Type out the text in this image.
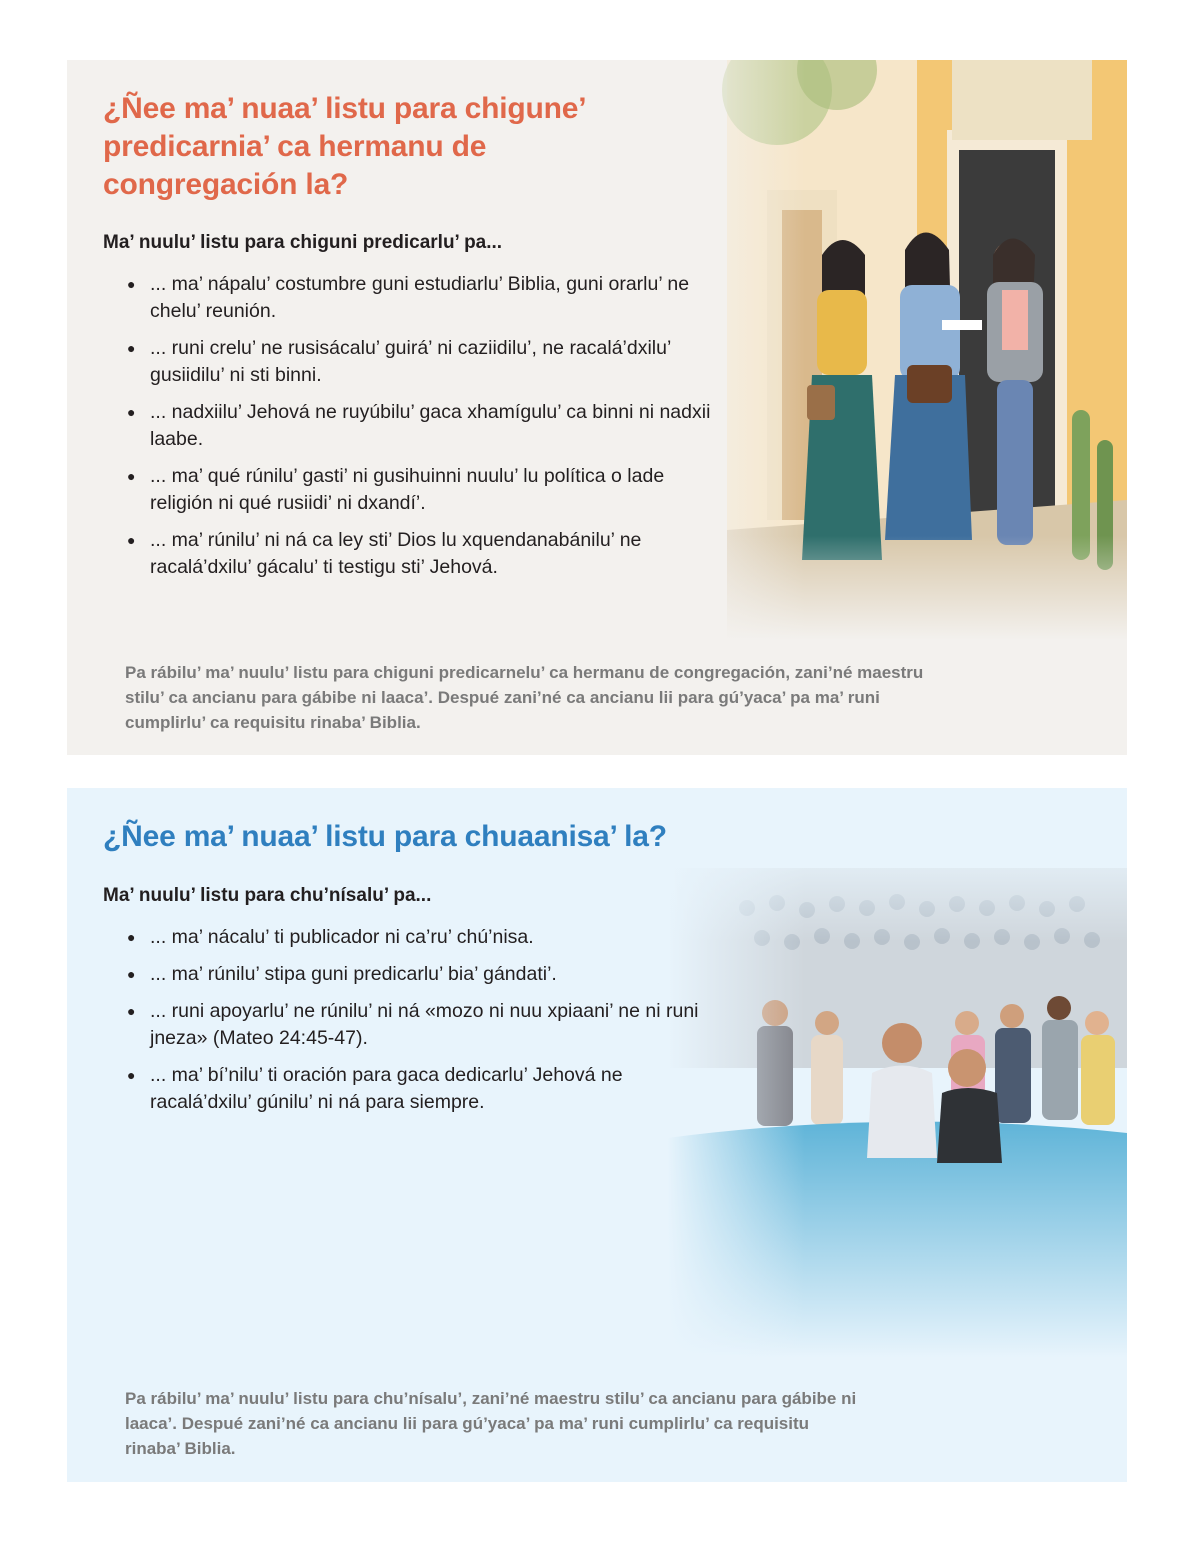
¿Ñee ma’ nuaa’ listu para chigune’ predicarnia’ ca hermanu de congregación la?

Ma’ nuulu’ listu para chiguni predicarlu’ pa...

● ... ma’ nápalu’ costumbre guni estudiarlu’ Biblia, guni orarlu’ ne chelu’ reunión.
● ... runi crelu’ ne rusisácalu’ guirá’ ni caziidilu’, ne racalá’dxilu’ gusiidilu’ ni sti binni.
● ... nadxiilu’ Jehová ne ruyúbilu’ gaca xhamígulu’ ca binni ni nadxii laabe.
● ... ma’ qué rúnilu’ gasti’ ni gusihuinni nuulu’ lu política o lade religión ni qué rusiidi’ ni dxandí’.
● ... ma’ rúnilu’ ni ná ca ley sti’ Dios lu xquendanabánilu’ ne racalá’dxilu’ gácalu’ ti testigu sti’ Jehová.

Pa rábilu’ ma’ nuulu’ listu para chiguni predicarnelu’ ca hermanu de congregación, zani’né maestru stilu’ ca ancianu para gábibe ni laaca’. Despué zani’né ca ancianu lii para gú’yaca’ pa ma’ runi cumplirlu’ ca requisitu rinaba’ Biblia.

¿Ñee ma’ nuaa’ listu para chuaanisa’ la?

Ma’ nuulu’ listu para chu’nísalu’ pa...

● ... ma’ nácalu’ ti publicador ni ca’ru’ chú’nisa.
● ... ma’ rúnilu’ stipa guni predicarlu’ bia’ gándati’.
● ... runi apoyarlu’ ne rúnilu’ ni ná «mozo ni nuu xpiaani’ ne ni runi jneza» (Mateo 24:45-47).
● ... ma’ bí’nilu’ ti oración para gaca dedicarlu’ Jehová ne racalá’dxilu’ gúnilu’ ni ná para siempre.

Pa rábilu’ ma’ nuulu’ listu para chu’nísalu’, zani’né maestru stilu’ ca ancianu para gábibe ni laaca’. Despué zani’né ca ancianu lii para gú’yaca’ pa ma’ runi cumplirlu’ ca requisitu rinaba’ Biblia.
